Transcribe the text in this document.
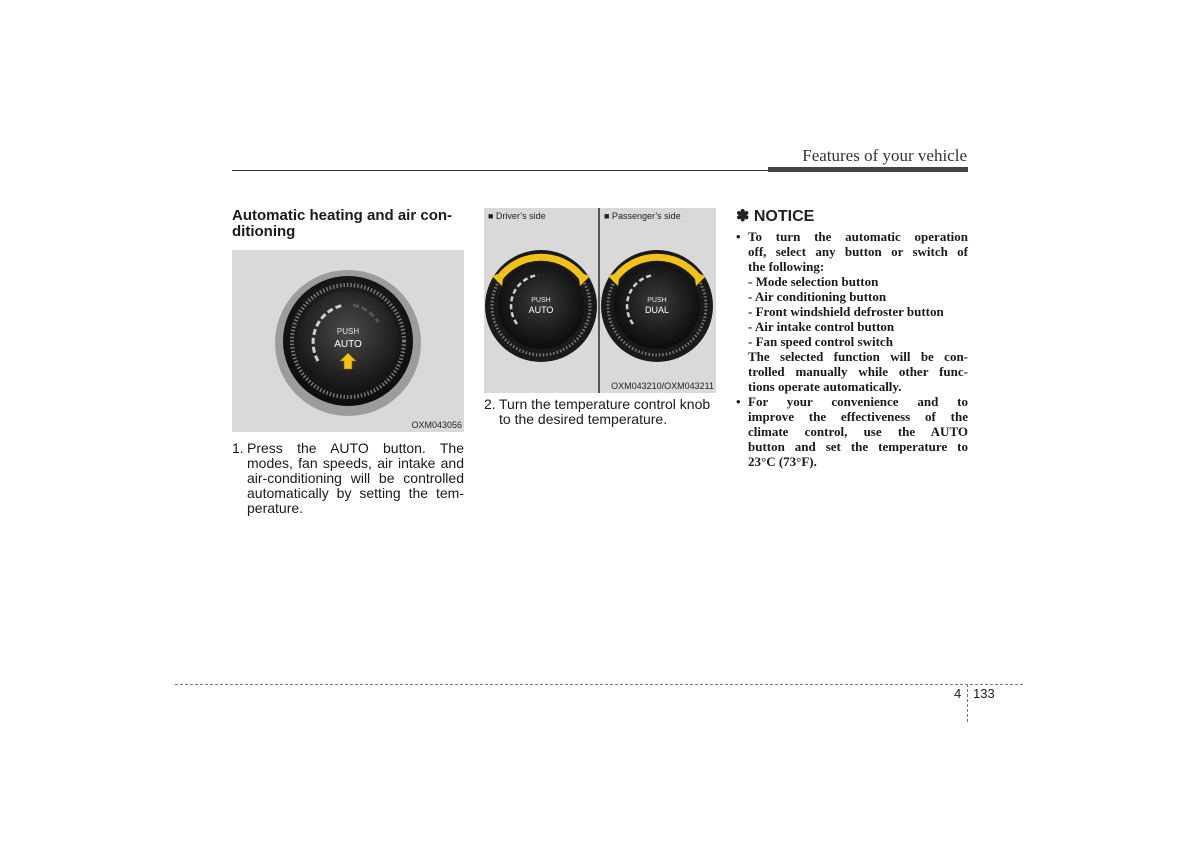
Features of your vehicle
Automatic heating and air con-
ditioning
PUSH
AUTO
OXM043056
1. Press the AUTO button. The
modes, fan speeds, air intake and
air-conditioning will be controlled
automatically by setting the tem-
perature.
■ Driver’s side	■ Passenger’s side
PUSH
AUTO
PUSH
DUAL
OXM043210/OXM043211
2. Turn the temperature control knob
to the desired temperature.
✽ NOTICE
• To turn the automatic operation
off, select any button or switch of
the following:
- Mode selection button
- Air conditioning button
- Front windshield defroster button
- Air intake control button
- Fan speed control switch
The selected function will be con-
trolled manually while other func-
tions operate automatically.
• For your convenience and to
improve the effectiveness of the
climate control, use the AUTO
button and set the temperature to
23°C (73°F).
4 133
